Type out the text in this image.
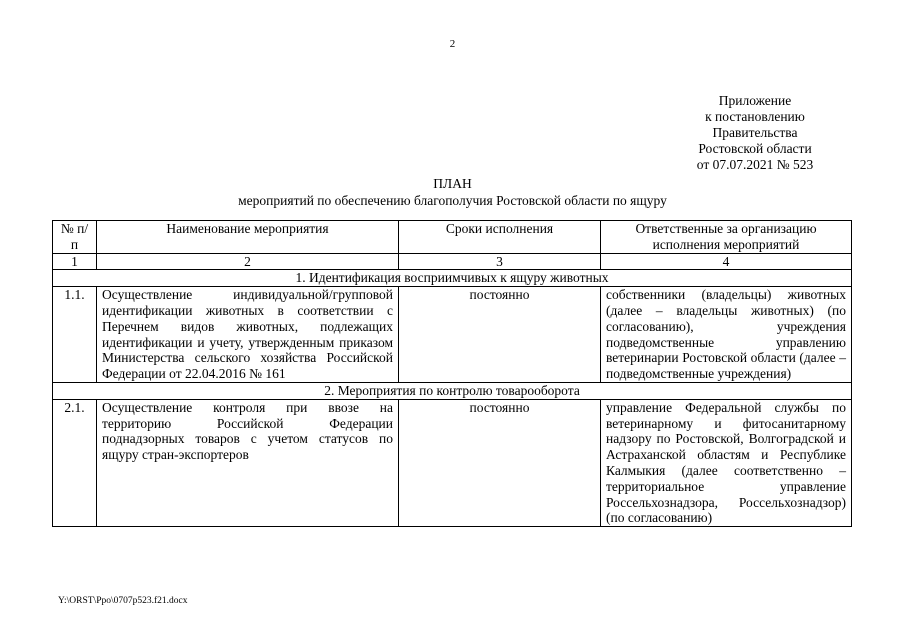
2
Приложение
к постановлению
Правительства
Ростовской области
от 07.07.2021 № 523
ПЛАН
мероприятий по обеспечению благополучия Ростовской области по ящуру
№ п/п	Наименование мероприятия	Сроки исполнения	Ответственные за организацию исполнения мероприятий
1	2	3	4
1. Идентификация восприимчивых к ящуру животных			
1.1.	Осуществление индивидуальной/групповой идентификации животных в соответствии с Перечнем видов животных, подлежащих идентификации и учету, утвержденным приказом Министерства сельского хозяйства Российской Федерации от 22.04.2016 № 161	постоянно	собственники (владельцы) животных (далее – владельцы животных) (по согласованию), учреждения подведомственные управлению ветеринарии Ростовской области (далее – подведомственные учреждения)
2. Мероприятия по контролю товарооборота			
2.1.	Осуществление контроля при ввозе на территорию Российской Федерации поднадзорных товаров с учетом статусов по ящуру стран-экспортеров	постоянно	управление Федеральной службы по ветеринарному и фитосанитарному надзору по Ростовской, Волгоградской и Астраханской областям и Республике Калмыкия (далее соответственно – территориальное управление Россельхознадзора, Россельхознадзор) (по согласованию)
Y:\ORST\Ppo\0707p523.f21.docx
